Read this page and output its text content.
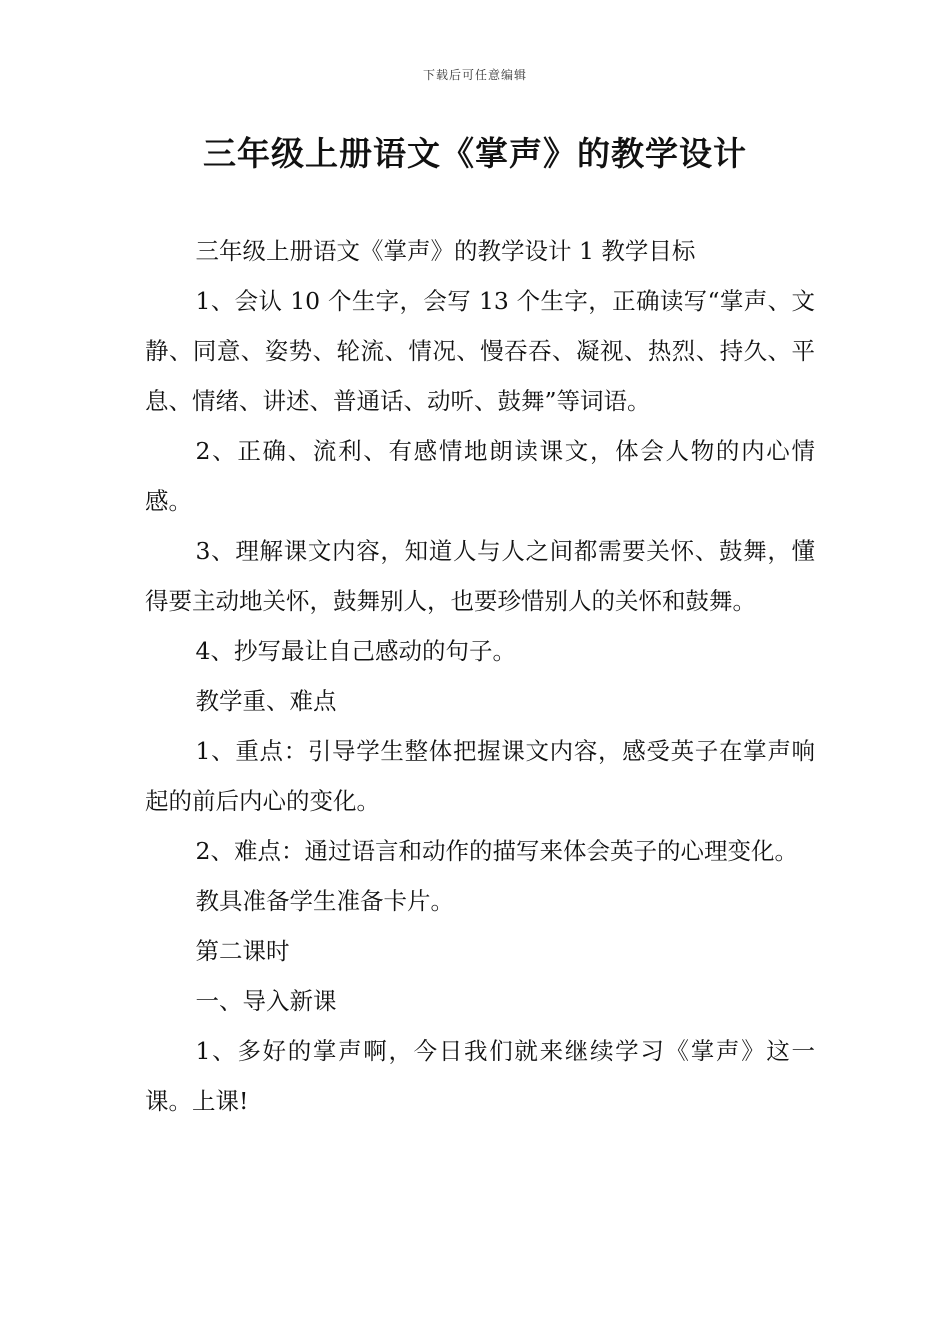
下载后可任意编辑
三年级上册语文《掌声》的教学设计

三年级上册语文《掌声》的教学设计 1 教学目标

1、会认 10 个生字，会写 13 个生字，正确读写“掌声、文静、同意、姿势、轮流、情况、慢吞吞、凝视、热烈、持久、平息、情绪、讲述、普通话、动听、鼓舞”等词语。

2、正确、流利、有感情地朗读课文，体会人物的内心情感。

3、理解课文内容，知道人与人之间都需要关怀、鼓舞，懂得要主动地关怀，鼓舞别人，也要珍惜别人的关怀和鼓舞。

4、抄写最让自己感动的句子。

教学重、难点

1、重点：引导学生整体把握课文内容，感受英子在掌声响起的前后内心的变化。

2、难点：通过语言和动作的描写来体会英子的心理变化。

教具准备学生准备卡片。

第二课时

一、导入新课

1、多好的掌声啊，今日我们就来继续学习《掌声》这一课。上课!
